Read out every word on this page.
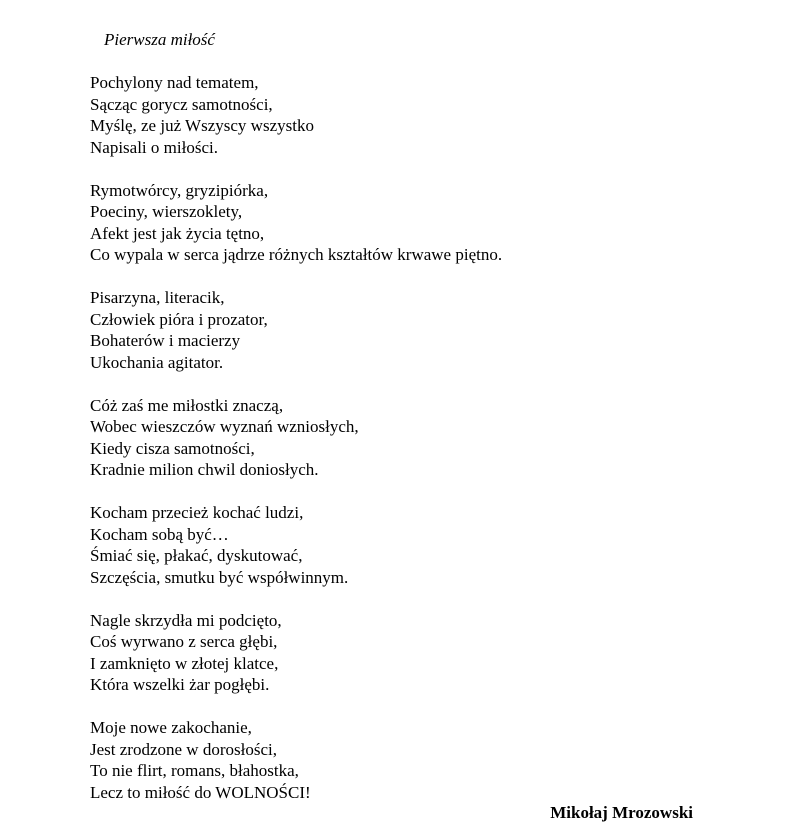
Pierwsza miłość
Pochylony nad tematem,
Sącząc gorycz samotności,
Myślę, ze już Wszyscy wszystko
Napisali o miłości.
Rymotwórcy, gryzipiórka,
Poeciny, wierszoklety,
Afekt jest jak życia tętno,
Co wypala w serca jądrze różnych kształtów krwawe piętno.
Pisarzyna, literacik,
Człowiek pióra i prozator,
Bohaterów i macierzy
Ukochania agitator.
Cóż zaś me miłostki znaczą,
Wobec wieszczów wyznań wzniosłych,
Kiedy cisza samotności,
Kradnie milion chwil doniosłych.
Kocham przecież kochać ludzi,
Kocham sobą być…
Śmiać się, płakać, dyskutować,
Szczęścia, smutku być współwinnym.
Nagle skrzydła mi podcięto,
Coś wyrwano z serca głębi,
I zamknięto w złotej klatce,
Która wszelki żar pogłębi.
Moje nowe zakochanie,
Jest zrodzone w dorosłości,
To nie flirt, romans, błahostka,
Lecz to miłość do WOLNOŚCI!
Mikołaj Mrozowski
